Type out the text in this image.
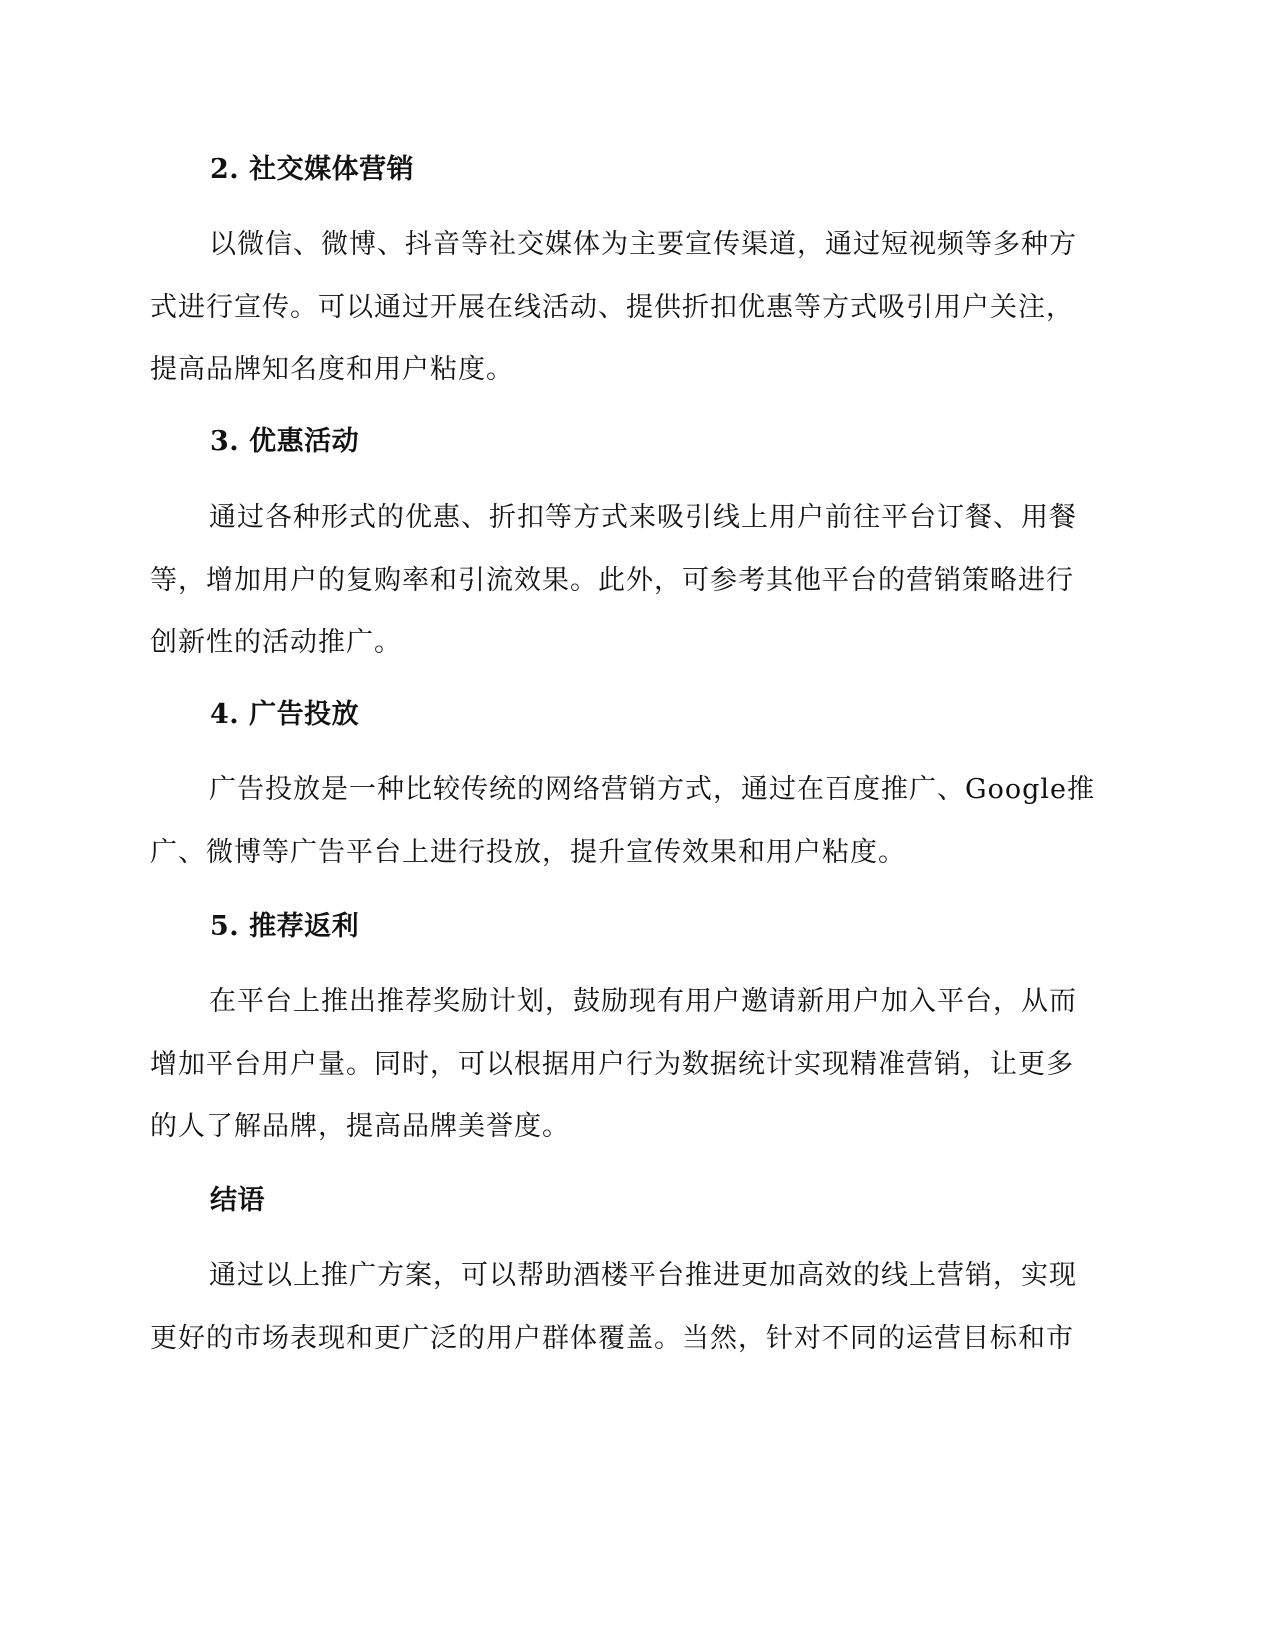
2. 社交媒体营销
以微信、微博、抖音等社交媒体为主要宣传渠道，通过短视频等多种方
式进行宣传。可以通过开展在线活动、提供折扣优惠等方式吸引用户关注，
提高品牌知名度和用户粘度。
3. 优惠活动
通过各种形式的优惠、折扣等方式来吸引线上用户前往平台订餐、用餐
等，增加用户的复购率和引流效果。此外，可参考其他平台的营销策略进行
创新性的活动推广。
4. 广告投放
广告投放是一种比较传统的网络营销方式，通过在百度推广、Google推
广、微博等广告平台上进行投放，提升宣传效果和用户粘度。
5. 推荐返利
在平台上推出推荐奖励计划，鼓励现有用户邀请新用户加入平台，从而
增加平台用户量。同时，可以根据用户行为数据统计实现精准营销，让更多
的人了解品牌，提高品牌美誉度。
结语
通过以上推广方案，可以帮助酒楼平台推进更加高效的线上营销，实现
更好的市场表现和更广泛的用户群体覆盖。当然，针对不同的运营目标和市
